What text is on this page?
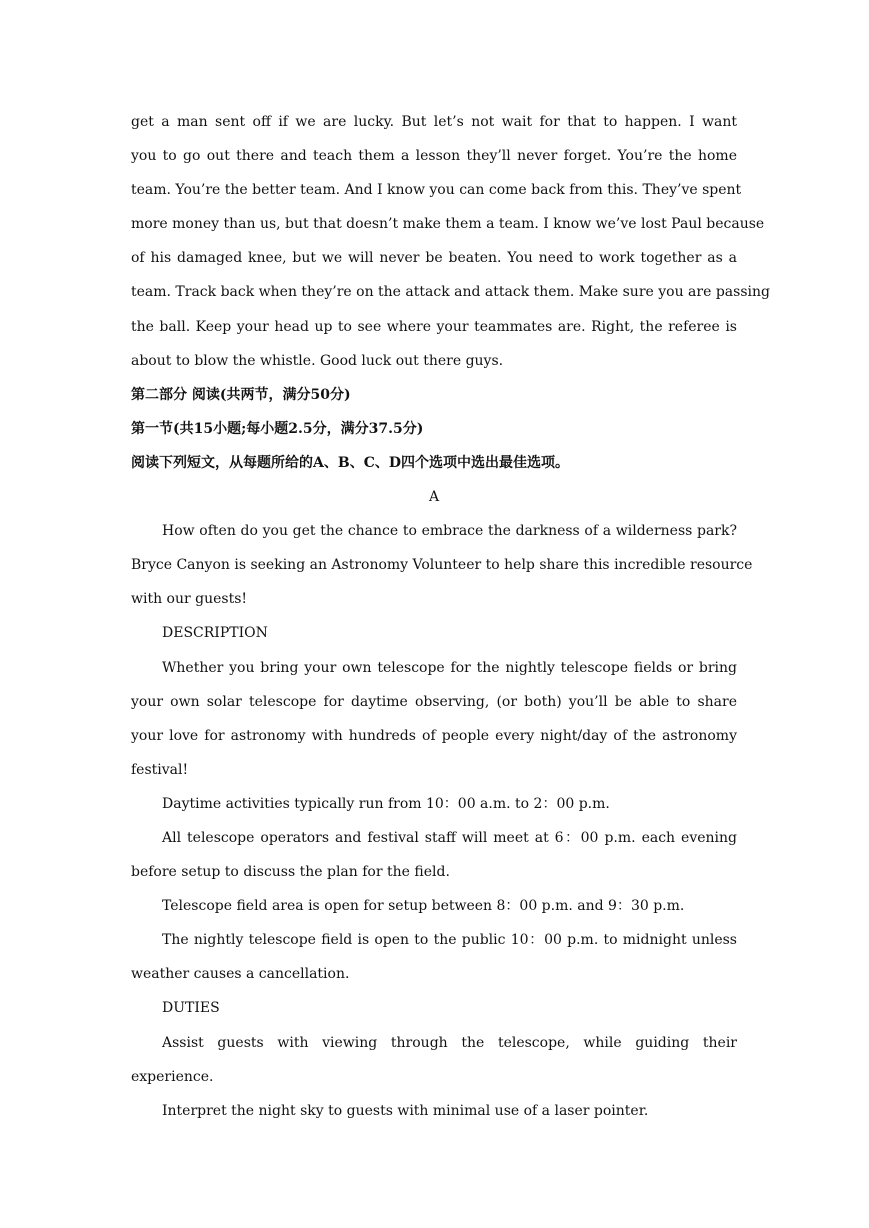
get a man sent off if we are lucky. But let’s not wait for that to happen. I want
you to go out there and teach them a lesson they’ll never forget. You’re the home
team. You’re the better team. And I know you can come back from this. They’ve spent
more money than us, but that doesn’t make them a team. I know we’ve lost Paul because
of his damaged knee, but we will never be beaten. You need to work together as a
team. Track back when they’re on the attack and attack them. Make sure you are passing
the ball. Keep your head up to see where your teammates are. Right, the referee is
about to blow the whistle. Good luck out there guys.
第二部分 阅读(共两节，满分50分)
第一节(共15小题;每小题2.5分，满分37.5分)
阅读下列短文，从每题所给的A、B、C、D四个选项中选出最佳选项。
A
How often do you get the chance to embrace the darkness of a wilderness park?
Bryce Canyon is seeking an Astronomy Volunteer to help share this incredible resource
with our guests!
DESCRIPTION
Whether you bring your own telescope for the nightly telescope fields or bring
your own solar telescope for daytime observing, (or both) you’ll be able to share
your love for astronomy with hundreds of people every night/day of the astronomy
festival!
Daytime activities typically run from 10：00 a.m. to 2：00 p.m.
All telescope operators and festival staff will meet at 6：00 p.m. each evening
before setup to discuss the plan for the field.
Telescope field area is open for setup between 8：00 p.m. and 9：30 p.m.
The nightly telescope field is open to the public 10：00 p.m. to midnight unless
weather causes a cancellation.
DUTIES
Assist guests with viewing through the telescope, while guiding their
experience.
Interpret the night sky to guests with minimal use of a laser pointer.
